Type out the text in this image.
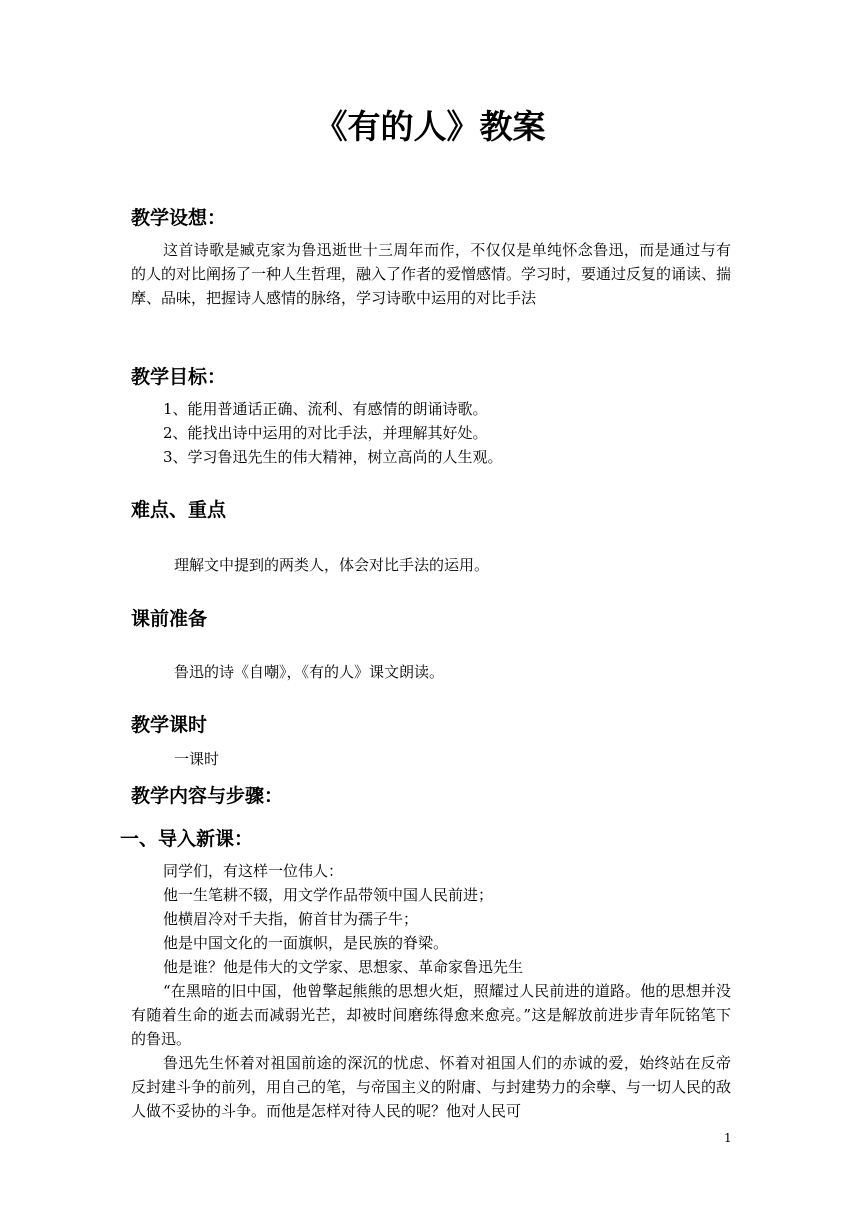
《有的人》教案
教学设想：
这首诗歌是臧克家为鲁迅逝世十三周年而作，不仅仅是单纯怀念鲁迅，而是通过与有的人的对比阐扬了一种人生哲理，融入了作者的爱憎感情。学习时，要通过反复的诵读、揣摩、品味，把握诗人感情的脉络，学习诗歌中运用的对比手法
教学目标：
1、能用普通话正确、流利、有感情的朗诵诗歌。
2、能找出诗中运用的对比手法，并理解其好处。
3、学习鲁迅先生的伟大精神，树立高尚的人生观。
难点、重点
理解文中提到的两类人，体会对比手法的运用。
课前准备
鲁迅的诗《自嘲》，《有的人》课文朗读。
教学课时
一课时
教学内容与步骤：
一、导入新课：
同学们，有这样一位伟人：
他一生笔耕不辍，用文学作品带领中国人民前进；
他横眉冷对千夫指，俯首甘为孺子牛；
他是中国文化的一面旗帜，是民族的脊梁。
他是谁？他是伟大的文学家、思想家、革命家鲁迅先生
“在黑暗的旧中国，他曾擎起熊熊的思想火炬，照耀过人民前进的道路。他的思想并没有随着生命的逝去而减弱光芒，却被时间磨练得愈来愈亮。”这是解放前进步青年阮铭笔下的鲁迅。
鲁迅先生怀着对祖国前途的深沉的忧虑、怀着对祖国人们的赤诚的爱，始终站在反帝反封建斗争的前列，用自己的笔，与帝国主义的附庸、与封建势力的余孽、与一切人民的敌人做不妥协的斗争。而他是怎样对待人民的呢？他对人民可
1
